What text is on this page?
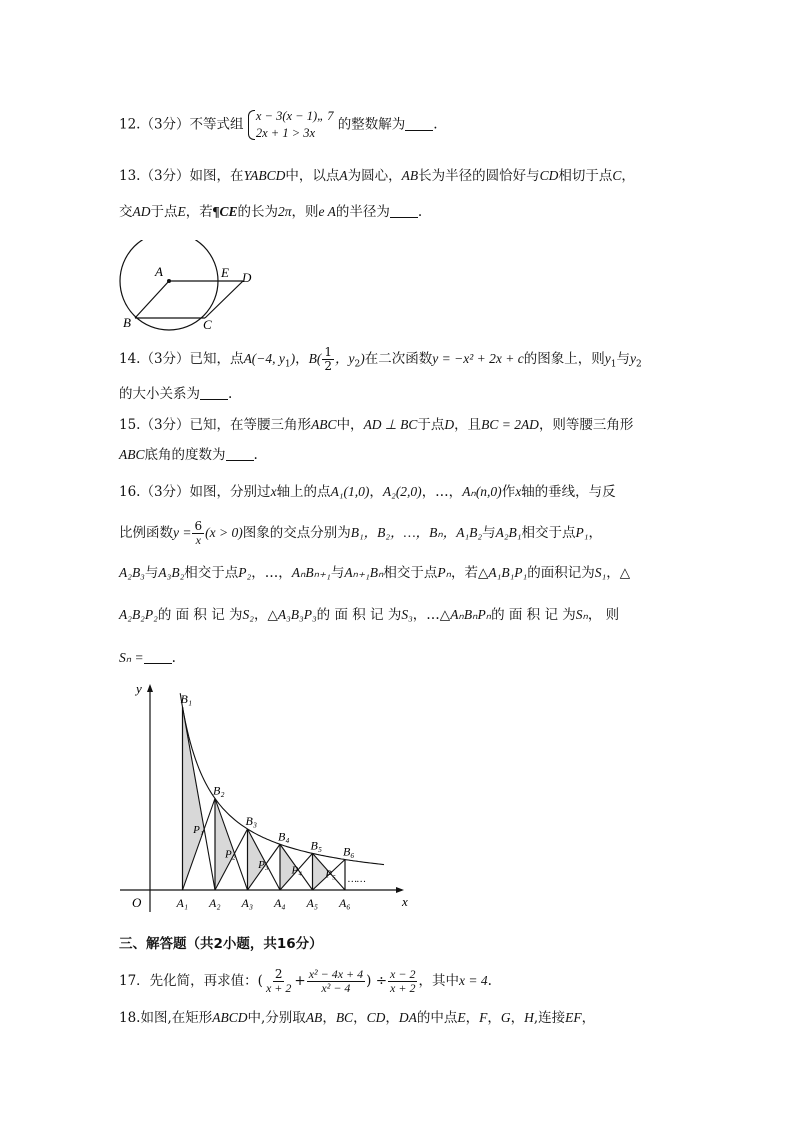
12.（3分）不等式组
x − 3(x − 1)„ 7
2x + 1 > 3x
的整数解为 .
13.（3分）如图，在YABCD中，以点A为圆心，AB长为半径的圆恰好与CD相切于点C，
交AD于点E，若¶CE的长为2π，则e A的半径为 .
A	E D
B	C
14.（3分）已知，点A(−4, $y_1$)，$B( \frac{1}{2}$ ，$y_2$)在二次函数y = −x² + 2x + c的图象上，则$y_1$与$y_2$
的大小关系为 .
15.（3分）已知，在等腰三角形ABC中，AD ⊥ BC于点D，且BC = 2AD，则等腰三角形
ABC底角的度数为 .
16.（3分）如图，分别过x轴上的点A₁(1,0)，A₂(2,0)，…，Aₙ(n,0)作x轴的垂线，与反
比例函数$y = \frac{6}{x} (x > 0)$图象的交点分别为B₁，B₂，…，Bₙ，A₁B₂与A₂B₁相交于点P₁，
A₂B₃与A₃B₂相交于点P₂，…，AₙBₙ₊₁与Aₙ₊₁Bₙ相交于点Pₙ，若△A₁B₁P₁的面积记为S₁，△
A₂B₂P₂的 面 积 记 为S₂，△A₃B₃P₃的 面 积 记 为S₃，…△AₙBₙPₙ的 面 积 记 为Sₙ， 则
Sₙ = .
y
x
O	A₁
B₁
A₂
B₂
A₃
B₃
A₄
B₄
A₅
B₅
A₆
B₆
P₁
P₂
P₃ P₄ P₅ ……
三、解答题（共2小题，共16分）
17．先化简，再求值：( $\frac{2}{x + 2} + \frac{\text{x² − 4x + 4}}{\text{x² − 4}}$ ) ÷ $\frac{x - 2}{x + 2}$ ，其中x = 4.
18.如图,在矩形ABCD中,分别取AB，BC，CD，DA的中点E，F，G，H,连接EF，
